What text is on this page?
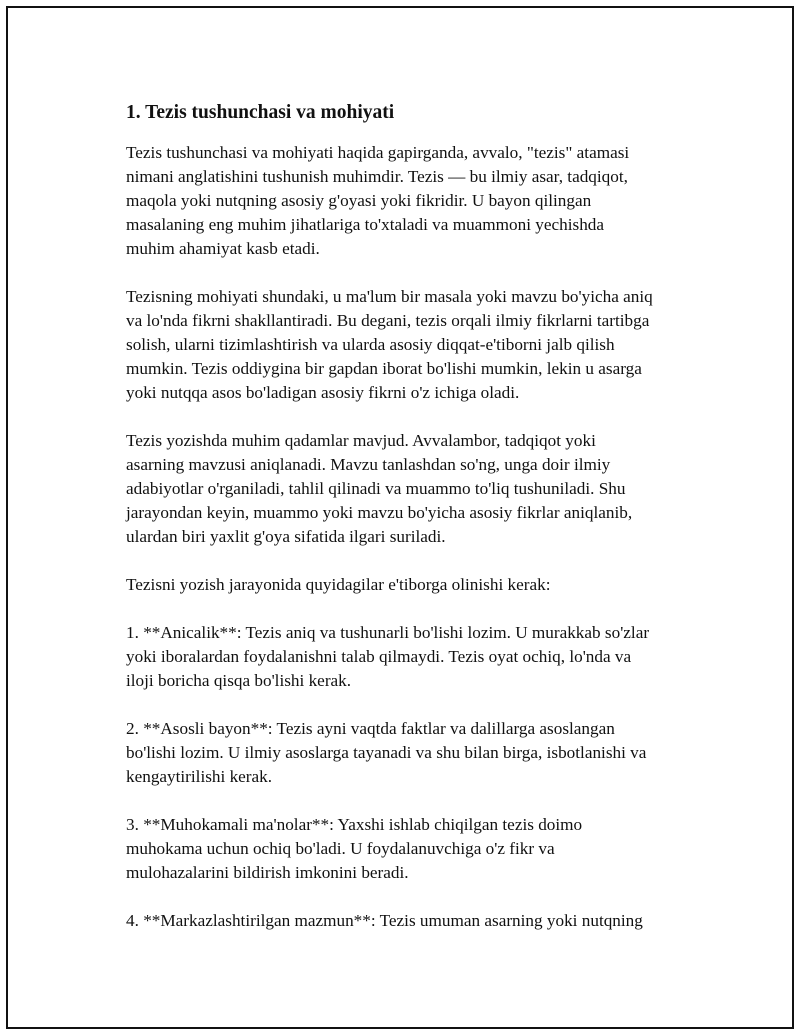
1. Tezis tushunchasi va mohiyati
Tezis tushunchasi va mohiyati haqida gapirganda, avvalo, "tezis" atamasi
nimani anglatishini tushunish muhimdir. Tezis — bu ilmiy asar, tadqiqot,
maqola yoki nutqning asosiy g'oyasi yoki fikridir. U bayon qilingan
masalaning eng muhim jihatlariga to'xtaladi va muammoni yechishda
muhim ahamiyat kasb etadi.
Tezisning mohiyati shundaki, u ma'lum bir masala yoki mavzu bo'yicha aniq
va lo'nda fikrni shakllantiradi. Bu degani, tezis orqali ilmiy fikrlarni tartibga
solish, ularni tizimlashtirish va ularda asosiy diqqat-e'tiborni jalb qilish
mumkin. Tezis oddiygina bir gapdan iborat bo'lishi mumkin, lekin u asarga
yoki nutqqa asos bo'ladigan asosiy fikrni o'z ichiga oladi.
Tezis yozishda muhim qadamlar mavjud. Avvalambor, tadqiqot yoki
asarning mavzusi aniqlanadi. Mavzu tanlashdan so'ng, unga doir ilmiy
adabiyotlar o'rganiladi, tahlil qilinadi va muammo to'liq tushuniladi. Shu
jarayondan keyin, muammo yoki mavzu bo'yicha asosiy fikrlar aniqlanib,
ulardan biri yaxlit g'oya sifatida ilgari suriladi.
Tezisni yozish jarayonida quyidagilar e'tiborga olinishi kerak:
1. **Anicalik**: Tezis aniq va tushunarli bo'lishi lozim. U murakkab so'zlar
yoki iboralardan foydalanishni talab qilmaydi. Tezis oyat ochiq, lo'nda va
iloji boricha qisqa bo'lishi kerak.
2. **Asosli bayon**: Tezis ayni vaqtda faktlar va dalillarga asoslangan
bo'lishi lozim. U ilmiy asoslarga tayanadi va shu bilan birga, isbotlanishi va
kengaytirilishi kerak.
3. **Muhokamali ma'nolar**: Yaxshi ishlab chiqilgan tezis doimo
muhokama uchun ochiq bo'ladi. U foydalanuvchiga o'z fikr va
mulohazalarini bildirish imkonini beradi.
4. **Markazlashtirilgan mazmun**: Tezis umuman asarning yoki nutqning
